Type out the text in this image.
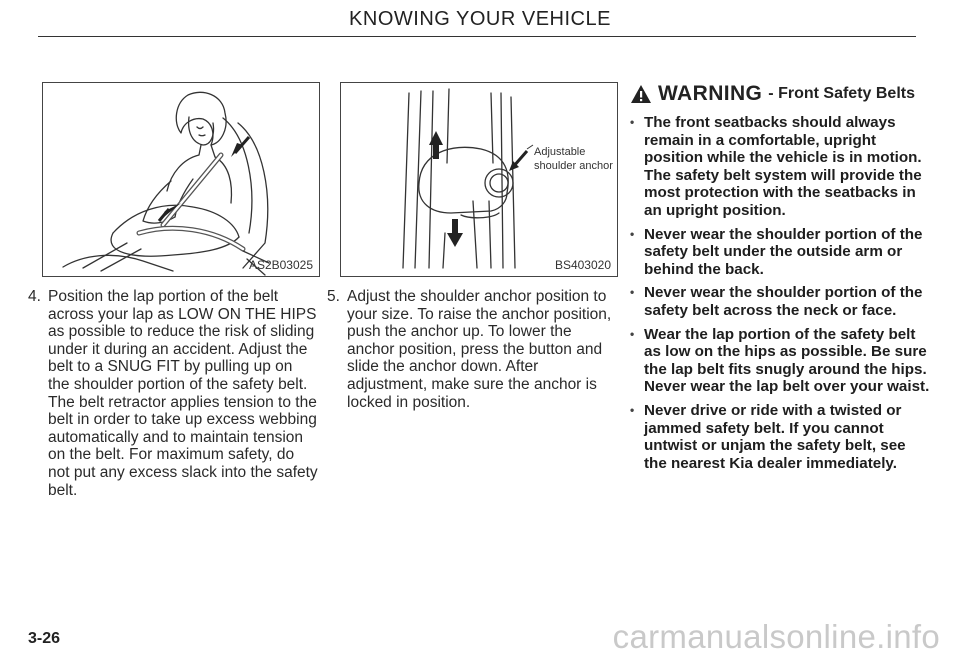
KNOWING YOUR VEHICLE
AS2B03025
Adjustable
shoulder anchor
BS403020
4. Position the lap portion of the belt across your lap as LOW ON THE HIPS as possible to reduce the risk of sliding under it during an accident. Adjust the belt to a SNUG FIT by pulling up on the shoulder portion of the safety belt. The belt retractor applies tension to the belt in order to take up excess webbing automatically and to maintain tension on the belt. For maximum safety, do not put any excess slack into the safety belt.
5. Adjust the shoulder anchor position to your size. To raise the anchor position, push the anchor up. To lower the anchor position, press the button and slide the anchor down. After adjustment, make sure the anchor is locked in position.
WARNING - Front Safety Belts
• The front seatbacks should always remain in a comfortable, upright position while the vehicle is in motion. The safety belt system will provide the most protection with the seatbacks in an upright position.
• Never wear the shoulder portion of the safety belt under the outside arm or behind the back.
• Never wear the shoulder portion of the safety belt across the neck or face.
• Wear the lap portion of the safety belt as low on the hips as possible. Be sure the lap belt fits snugly around the hips. Never wear the lap belt over your waist.
• Never drive or ride with a twisted or jammed safety belt. If you cannot untwist or unjam the safety belt, see the nearest Kia dealer immediately.
3-26	carmanualsonline.info
